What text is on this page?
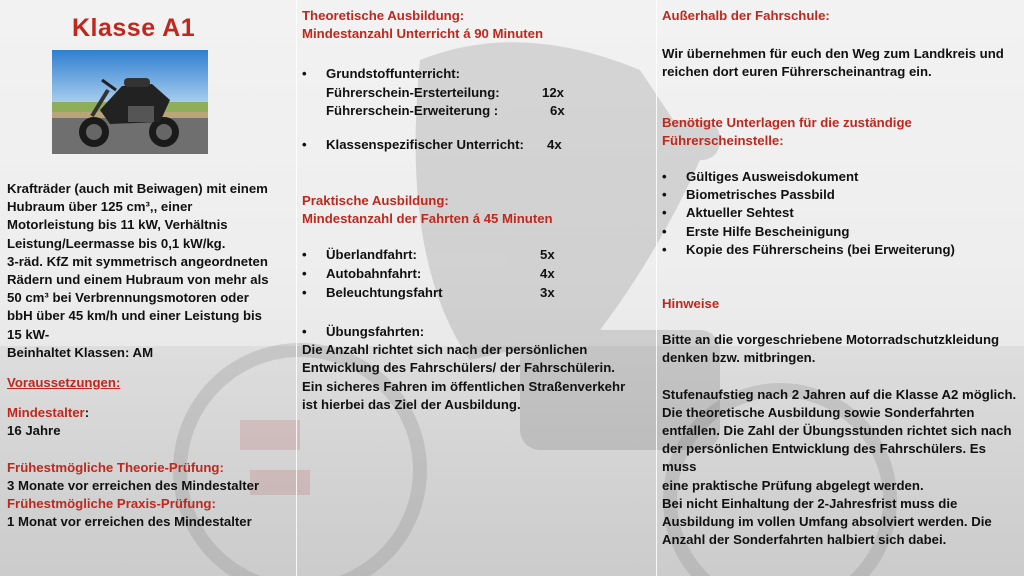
Klasse A1

Krafträder (auch mit Beiwagen) mit einem

Hubraum über 125 cm³,, einer

Motorleistung bis 11 kW, Verhältnis

Leistung/Leermasse bis 0,1 kW/kg.

3-räd. KfZ mit symmetrisch angeordneten

Rädern und einem Hubraum von mehr als

50 cm³ bei Verbrennungsmotoren oder

bbH über 45 km/h und einer Leistung bis

15 kW-

Beinhaltet Klassen: AM

Voraussetzungen:

Mindestalter:

16 Jahre

Frühestmögliche Theorie-Prüfung:

3 Monate vor erreichen des Mindestalter

Frühestmögliche Praxis-Prüfung:

1 Monat vor erreichen des Mindestalter

Theoretische Ausbildung:
Mindestanzahl Unterricht á 90 Minuten
•	Grundstoffunterricht:
Führerschein-Ersterteilung:	12x
Führerschein-Erweiterung :	6x
• Klassenspezifischer Unterricht: 4x
Praktische Ausbildung:
Mindestanzahl der Fahrten á 45 Minuten
• Überlandfahrt:	5x
• Autobahnfahrt:	4x
• Beleuchtungsfahrt	3x
•	Übungsfahrten:
Die Anzahl richtet sich nach der persönlichen
Entwicklung des Fahrschülers/ der Fahrschülerin.
Ein sicheres Fahren im öffentlichen Straßenverkehr
ist hierbei das Ziel der Ausbildung.
Außerhalb der Fahrschule:
Wir übernehmen für euch den Weg zum Landkreis und
reichen dort euren Führerscheinantrag ein.
Benötigte Unterlagen für die zuständige
Führerscheinstelle:
•	Gültiges Ausweisdokument
•	Biometrisches Passbild
•	Aktueller Sehtest
•	Erste Hilfe Bescheinigung
•	Kopie des Führerscheins (bei Erweiterung)
Hinweise
Bitte an die vorgeschriebene Motorradschutzkleidung
denken bzw. mitbringen.
Stufenaufstieg nach 2 Jahren auf die Klasse A2 möglich.
Die theoretische Ausbildung sowie Sonderfahrten
entfallen. Die Zahl der Übungsstunden richtet sich nach
der persönlichen Entwicklung des Fahrschülers. Es muss
eine praktische Prüfung abgelegt werden.
Bei nicht Einhaltung der 2-Jahresfrist muss die
Ausbildung im vollen Umfang absolviert werden. Die
Anzahl der Sonderfahrten halbiert sich dabei.
